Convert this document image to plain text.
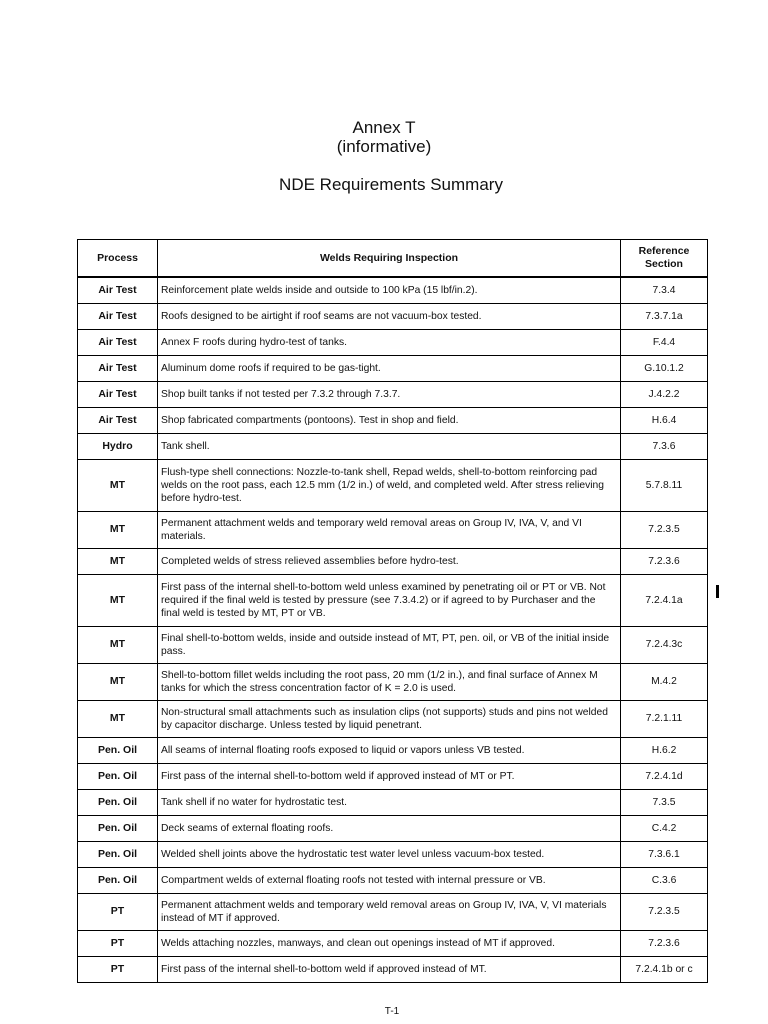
Annex T
(informative)
NDE Requirements Summary
Process	Welds Requiring Inspection	Reference Section
Air Test	Reinforcement plate welds inside and outside to 100 kPa (15 lbf/in.2).	7.3.4
Air Test	Roofs designed to be airtight if roof seams are not vacuum-box tested.	7.3.7.1a
Air Test	Annex F roofs during hydro-test of tanks.	F.4.4
Air Test	Aluminum dome roofs if required to be gas-tight.	G.10.1.2
Air Test	Shop built tanks if not tested per 7.3.2 through 7.3.7.	J.4.2.2
Air Test	Shop fabricated compartments (pontoons). Test in shop and field.	H.6.4
Hydro	Tank shell.	7.3.6
MT	Flush-type shell connections: Nozzle-to-tank shell, Repad welds, shell-to-bottom reinforcing pad welds on the root pass, each 12.5 mm (1/2 in.) of weld, and completed weld. After stress relieving before hydro-test.	5.7.8.11
MT	Permanent attachment welds and temporary weld removal areas on Group IV, IVA, V, and VI materials.	7.2.3.5
MT	Completed welds of stress relieved assemblies before hydro-test.	7.2.3.6
MT	First pass of the internal shell-to-bottom weld unless examined by penetrating oil or PT or VB. Not required if the final weld is tested by pressure (see 7.3.4.2) or if agreed to by Purchaser and the final weld is tested by MT, PT or VB.	7.2.4.1a
MT	Final shell-to-bottom welds, inside and outside instead of MT, PT, pen. oil, or VB of the initial inside pass.	7.2.4.3c
MT	Shell-to-bottom fillet welds including the root pass, 20 mm (1/2 in.), and final surface of Annex M tanks for which the stress concentration factor of K = 2.0 is used.	M.4.2
MT	Non-structural small attachments such as insulation clips (not supports) studs and pins not welded by capacitor discharge. Unless tested by liquid penetrant.	7.2.1.11
Pen. Oil	All seams of internal floating roofs exposed to liquid or vapors unless VB tested.	H.6.2
Pen. Oil	First pass of the internal shell-to-bottom weld if approved instead of MT or PT.	7.2.4.1d
Pen. Oil	Tank shell if no water for hydrostatic test.	7.3.5
Pen. Oil	Deck seams of external floating roofs.	C.4.2
Pen. Oil	Welded shell joints above the hydrostatic test water level unless vacuum-box tested.	7.3.6.1
Pen. Oil	Compartment welds of external floating roofs not tested with internal pressure or VB.	C.3.6
PT	Permanent attachment welds and temporary weld removal areas on Group IV, IVA, V, VI materials instead of MT if approved.	7.2.3.5
PT	Welds attaching nozzles, manways, and clean out openings instead of MT if approved.	7.2.3.6
PT	First pass of the internal shell-to-bottom weld if approved instead of MT.	7.2.4.1b or c
T-1
